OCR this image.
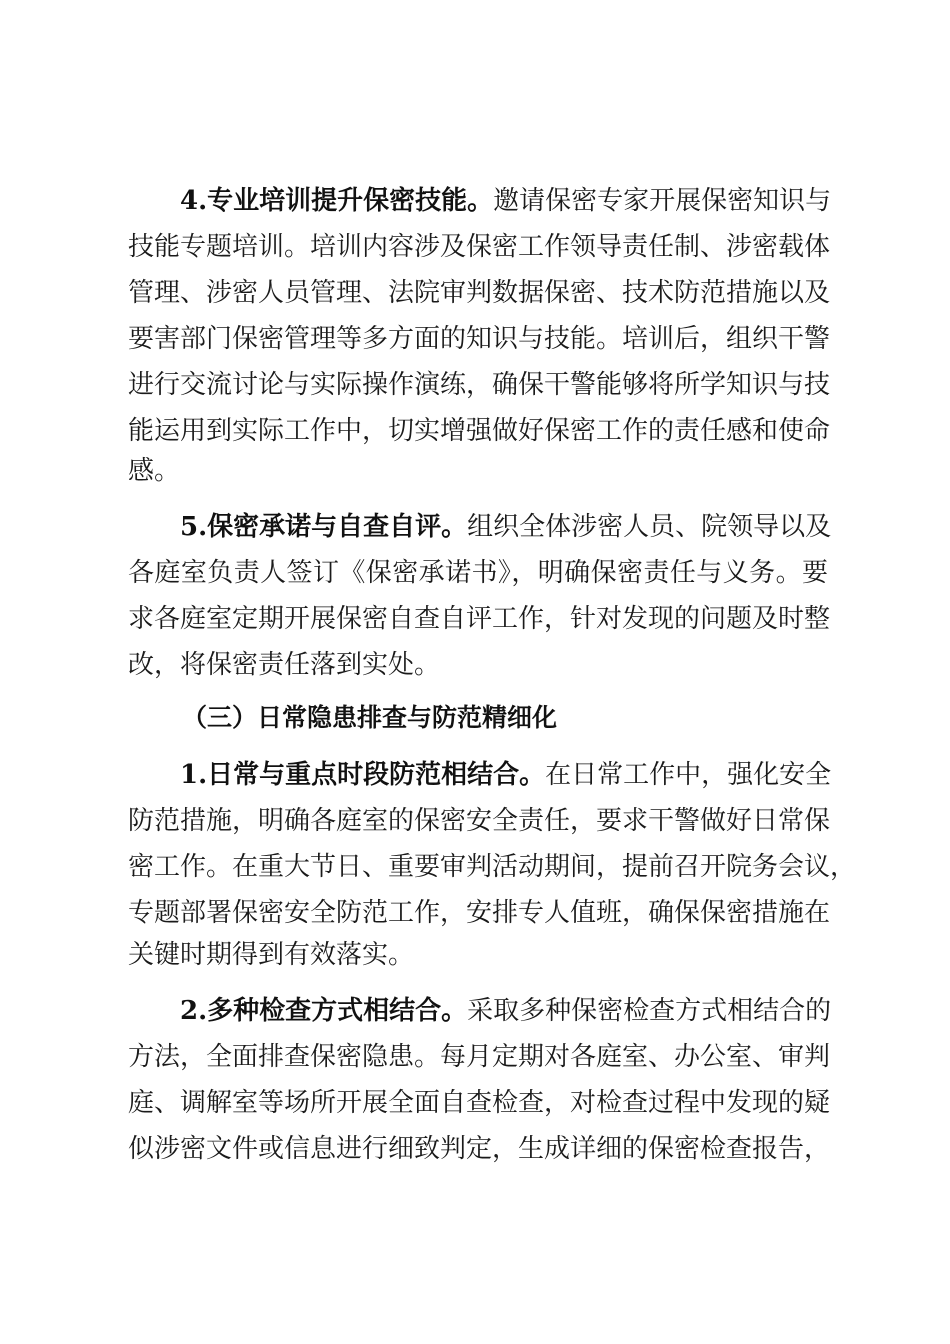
4.专业培训提升保密技能。邀请保密专家开展保密知识与
技能专题培训。培训内容涉及保密工作领导责任制、涉密载体
管理、涉密人员管理、法院审判数据保密、技术防范措施以及
要害部门保密管理等多方面的知识与技能。培训后，组织干警
进行交流讨论与实际操作演练，确保干警能够将所学知识与技
能运用到实际工作中，切实增强做好保密工作的责任感和使命
感。
5.保密承诺与自查自评。组织全体涉密人员、院领导以及
各庭室负责人签订《保密承诺书》，明确保密责任与义务。要
求各庭室定期开展保密自查自评工作，针对发现的问题及时整
改，将保密责任落到实处。
（三）日常隐患排查与防范精细化
1.日常与重点时段防范相结合。在日常工作中，强化安全
防范措施，明确各庭室的保密安全责任，要求干警做好日常保
密工作。在重大节日、重要审判活动期间，提前召开院务会议，
专题部署保密安全防范工作，安排专人值班，确保保密措施在
关键时期得到有效落实。
2.多种检查方式相结合。采取多种保密检查方式相结合的
方法，全面排查保密隐患。每月定期对各庭室、办公室、审判
庭、调解室等场所开展全面自查检查，对检查过程中发现的疑
似涉密文件或信息进行细致判定，生成详细的保密检查报告，
